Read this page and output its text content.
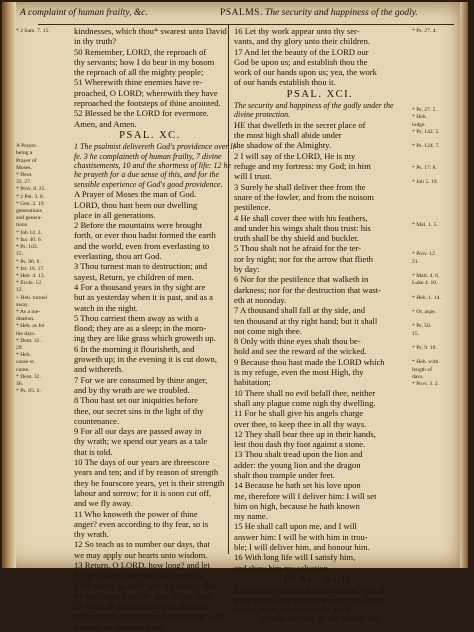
A complaint of human frailty, &c.	PSALMS. The security and happiness of the godly.
* 2 Sam. 7. 15.

A Prayer.
being a
Prayer of
Moses.
* Deut.
33. 27.
* Prov. 8. 25.
* 2 Pet. 3. 8.
* Gen. 3. 19.
generations
and genera-
tions.
* Job 14. 2.
* Isa. 40. 6.
* Ps. 103.
15.
* Ps. 90. 8.
* Jer. 16. 17.
* Heb. 4. 13.
* Eccle. 12.
12.
+ Heb. turned
away.
* As a me-
ditation.
* Heb. as for
the days.
* Deut. 32.
29.
* Heb.
cause to
come.
* Deut. 32.
36.
* Ps. 85. 6.
kindnesses, which thou* swarest unto David
in thy truth?
50 Remember, LORD, the reproach of
thy servants; how I do bear in my bosom
the reproach of all the mighty people;
51 Wherewith thine enemies have re-
proached, O LORD; wherewith they have
reproached the footsteps of thine anointed.
52 Blessed be the LORD for evermore.
Amen, and Amen.
PSAL. XC.
1 The psalmist delivereth God's providence over li-
fe. 3 he complaineth of human frailty, 7 divine
chastisements, 10 and the shortness of life: 12 he
he prayeth for a due sense of this, and for the
sensible experience of God's good providence.
A Prayer of Moses the man of God.
LORD, thou hast been our dwelling
place in all generations.
2 Before the mountains were brought
forth, or ever thou hadst formed the earth
and the world, even from everlasting to
everlasting, thou art God.
3 Thou turnest man to destruction; and
sayest, Return, ye children of men.
4 For a thousand years in thy sight are
but as yesterday when it is past, and as a
watch in the night.
5 Thou carriest them away as with a
flood; they are as a sleep; in the morn-
ing they are like grass which groweth up.
6 In the morning it flourisheth, and
groweth up; in the evening it is cut down,
and withereth.
7 For we are consumed by thine anger,
and by thy wrath are we troubled.
8 Thou hast set our iniquities before
thee, our secret sins in the light of thy
countenance.
9 For all our days are passed away in
thy wrath; we spend our years as a tale
that is told.
10 The days of our years are threescore
years and ten; and if by reason of strength
they be fourscore years, yet is their strength
labour and sorrow; for it is soon cut off,
and we fly away.
11 Who knoweth the power of thine
anger? even according to thy fear, so is
thy wrath.
12 So teach us to number our days, that
we may apply our hearts unto wisdom.
13 Return, O LORD, how long? and let
it repent thee concerning thy servants.
14 O satisfy us early with thy mercy; that
we may rejoice and be glad all our days.
15 Make us glad according to the days
wherein thou hast afflicted us, and the years
wherein we have seen evil.
16 Let thy work appear unto thy ser-
vants, and thy glory unto their children.
17 And let the beauty of the LORD our
God be upon us; and establish thou the
work of our hands upon us; yea, the work
of our hands establish thou it.
PSAL. XCI.
The security and happiness of the godly under the
divine protection.
HE that dwelleth in the secret place of
the most high shall abide under
the shadow of the Almighty.
2 I will say of the LORD, He is my
refuge and my fortress: my God; in him
will I trust.
3 Surely he shall deliver thee from the
snare of the fowler, and from the noisom
pestilence.
4 He shall cover thee with his feathers,
and under his wings shalt thou trust: his
truth shall be thy shield and buckler.
5 Thou shalt not be afraid for the ter-
ror by night; nor for the arrow that flieth
by day:
6 Nor for the pestilence that walketh in
darkness; nor for the destruction that wast-
eth at noonday.
7 A thousand shall fall at thy side, and
ten thousand at thy right hand; but it shall
not come nigh thee.
8 Only with thine eyes shalt thou be-
hold and see the reward of the wicked.
9 Because thou hast made the LORD which
is my refuge, even the most High, thy
habitation;
10 There shall no evil befall thee, neither
shall any plague come nigh thy dwelling.
11 For he shall give his angels charge
over thee, to keep thee in all thy ways.
12 They shall bear thee up in their hands,
lest thou dash thy foot against a stone.
13 Thou shalt tread upon the lion and
adder: the young lion and the dragon
shalt thou trample under feet.
14 Because he hath set his love upon
me, therefore will I deliver him: I will set
him on high, because he hath known
my name.
15 He shall call upon me, and I will
answer him: I will be with him in trou-
ble; I will deliver him, and honour him.
16 With long life will I satisfy him,
and shew him my salvation.
PSAL. XCII.
1 The prophet exhorteth to praise God, 4 for his
great works, 6 for his judgments on the wicked,
10 and for his goodness to the godly.
A Psalm or Song for the sabbath day.
* Ps. 27. 4.

* Ps. 27. 5.
* Heb.
lodge.
* Ps. 142. 5.

* Ps. 124. 7.

* Ps. 17. 8.

* Job 5. 19.

* Mal. 1. 5.

* Prov. 12.
21.

* Matt. 4. 6.
Luke 4. 10.

* Heb. 1. 14.

* Or, aspe.

* Ps. 50.
15.

* Ps. 9. 10.

* Heb. with
length of
days.
* Prov. 3. 2.
